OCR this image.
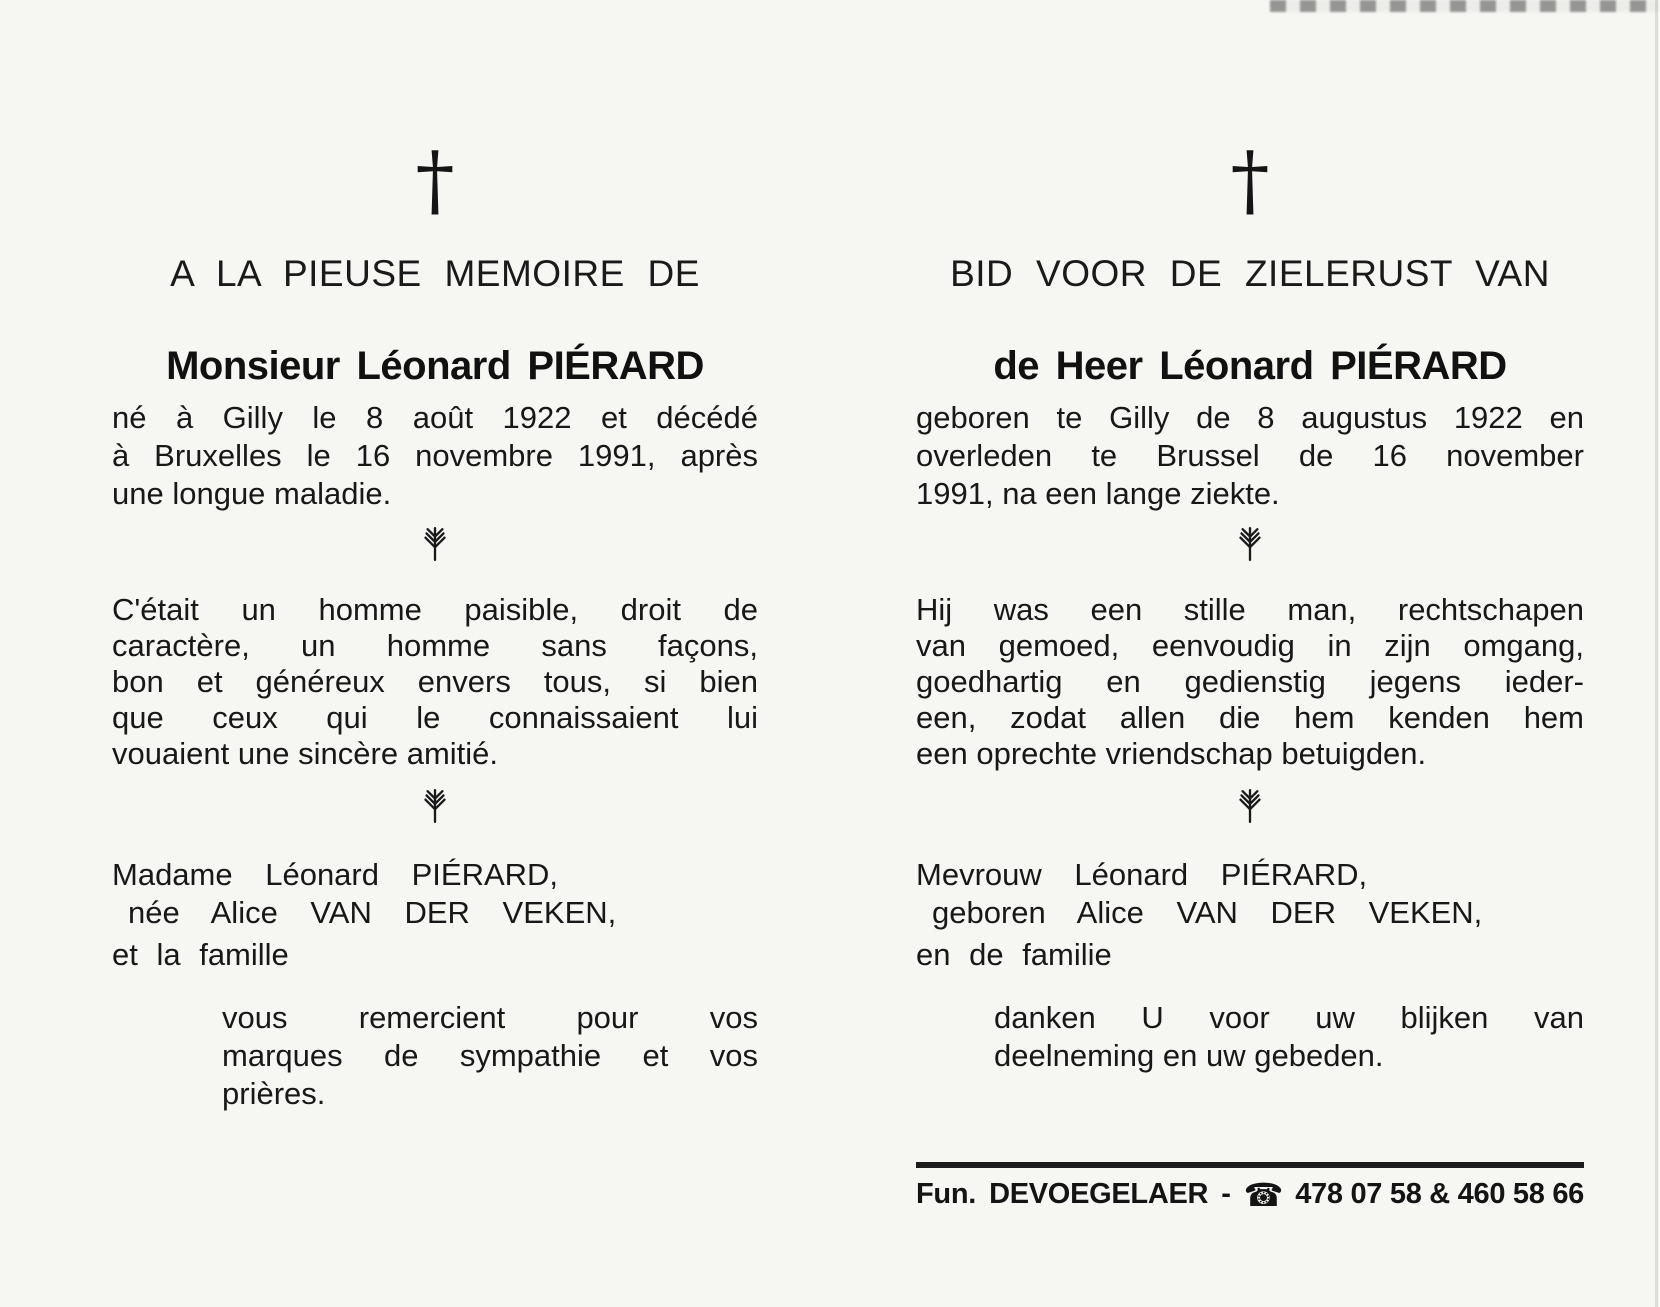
†
A LA PIEUSE MEMOIRE DE
Monsieur Léonard PIÉRARD
né à Gilly le 8 août 1922 et décédé
à Bruxelles le 16 novembre 1991, après
une longue maladie.
C'était un homme paisible, droit de
caractère, un homme sans façons,
bon et généreux envers tous, si bien
que ceux qui le connaissaient lui
vouaient une sincère amitié.
Madame Léonard PIÉRARD,
née Alice VAN DER VEKEN,
et la famille
vous remercient pour vos
marques de sympathie et vos
prières.
†
BID VOOR DE ZIELERUST VAN
de Heer Léonard PIÉRARD
geboren te Gilly de 8 augustus 1922 en
overleden te Brussel de 16 november
1991, na een lange ziekte.
Hij was een stille man, rechtschapen
van gemoed, eenvoudig in zijn omgang,
goedhartig en gedienstig jegens ieder-
een, zodat allen die hem kenden hem
een oprechte vriendschap betuigden.
Mevrouw Léonard PIÉRARD,
geboren Alice VAN DER VEKEN,
en de familie
danken U voor uw blijken van
deelneming en uw gebeden.
Fun. DEVOEGELAER - ☎ 478 07 58 & 460 58 66
